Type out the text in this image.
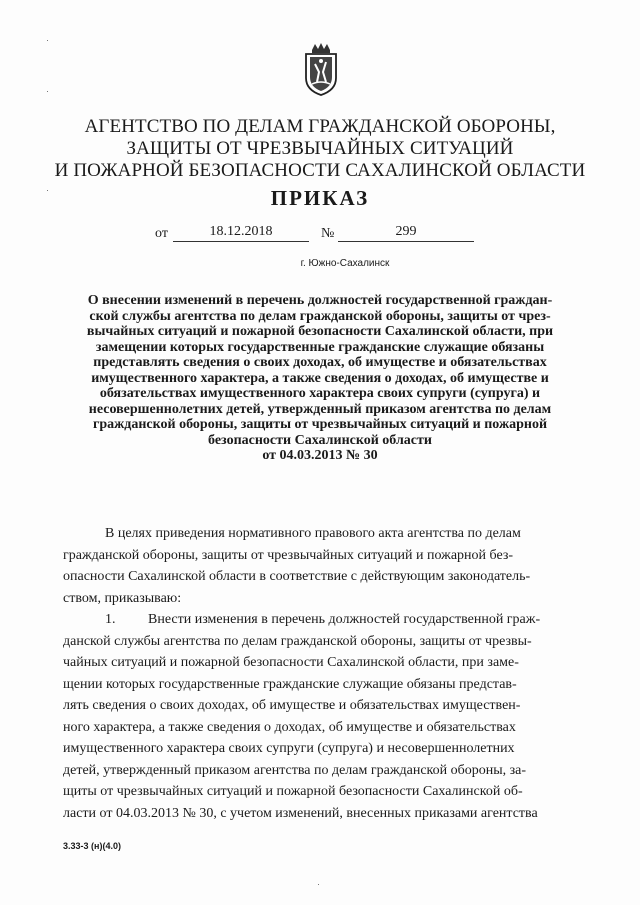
АГЕНТСТВО ПО ДЕЛАМ ГРАЖДАНСКОЙ ОБОРОНЫ,
ЗАЩИТЫ ОТ ЧРЕЗВЫЧАЙНЫХ СИТУАЦИЙ
И ПОЖАРНОЙ БЕЗОПАСНОСТИ САХАЛИНСКОЙ ОБЛАСТИ
ПРИКАЗ
от	18.12.2018	№	299
г. Южно-Сахалинск
О внесении изменений в перечень должностей государственной граждан-
ской службы агентства по делам гражданской обороны, защиты от чрез-
вычайных ситуаций и пожарной безопасности Сахалинской области, при
замещении которых государственные гражданские служащие обязаны
представлять сведения о своих доходах, об имуществе и обязательствах
имущественного характера, а также сведения о доходах, об имуществе и
обязательствах имущественного характера своих супруги (супруга) и
несовершеннолетних детей, утвержденный приказом агентства по делам
гражданской обороны, защиты от чрезвычайных ситуаций и пожарной
безопасности Сахалинской области
от 04.03.2013 № 30
В целях приведения нормативного правового акта агентства по делам
гражданской обороны, защиты от чрезвычайных ситуаций и пожарной без-
опасности Сахалинской области в соответствие с действующим законодатель-
ством, приказываю:
1. Внести изменения в перечень должностей государственной граж-
данской службы агентства по делам гражданской обороны, защиты от чрезвы-
чайных ситуаций и пожарной безопасности Сахалинской области, при заме-
щении которых государственные гражданские служащие обязаны представ-
лять сведения о своих доходах, об имуществе и обязательствах имуществен-
ного характера, а также сведения о доходах, об имуществе и обязательствах
имущественного характера своих супруги (супруга) и несовершеннолетних
детей, утвержденный приказом агентства по делам гражданской обороны, за-
щиты от чрезвычайных ситуаций и пожарной безопасности Сахалинской об-
ласти от 04.03.2013 № 30, с учетом изменений, внесенных приказами агентства
3.33-3 (н)(4.0)
